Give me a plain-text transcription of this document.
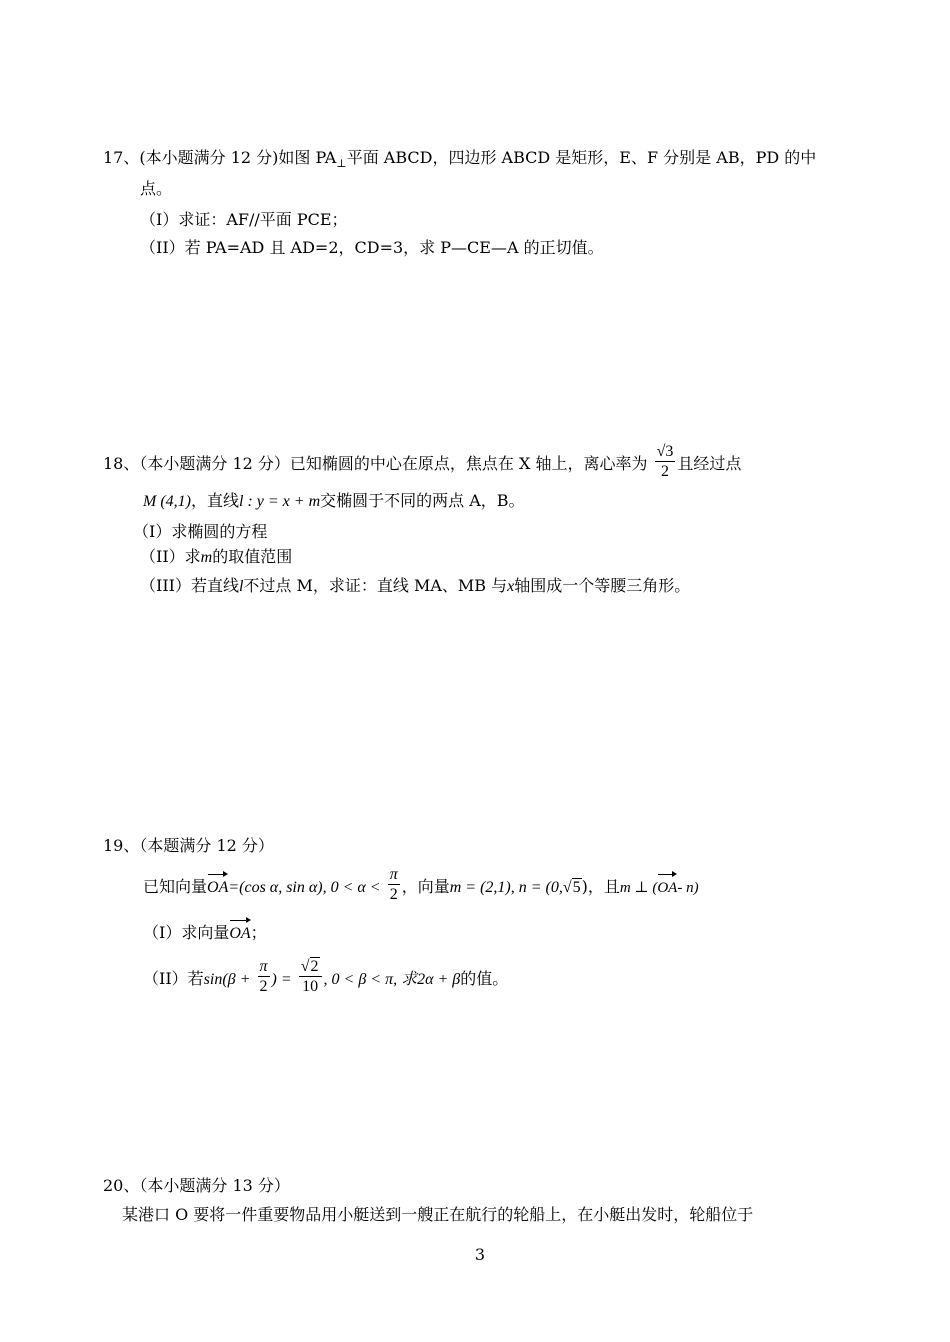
17、(本小题满分 12 分)如图 $PA_\perp$平面 ABCD，四边形 ABCD 是矩形，E、F 分别是 AB，PD 的中
点。
（I）求证：AF//平面 PCE；
（II）若 PA=AD 且 AD=2，CD=3，求 P—CE—A 的正切值。
18、（本小题满分 12 分）已知椭圆的中心在原点，焦点在 X 轴上，离心率为 $\frac{√3}{2}$ 且经过点
M (4,1)，直线l : y = x + m交椭圆于不同的两点 A，B。
（I）求椭圆的方程
（II）求m的取值范围
（III）若直线l不过点 M，求证：直线 MA、MB 与x轴围成一个等腰三角形。
19、（本题满分 12 分）
已知向量OA=(cos α, sin α), $0 < \alpha < \frac{\pi}{2}$ ，向量m = (2,1), n = (0,√5)，且m ⊥ (OA- n)
（I）求向量OA；
（II）若$\sin(\beta + \frac{\pi}{2}$ ) = $\frac{√2}{10}$ , 0 < β < π, 求2α + β的值。
20、（本小题满分 13 分）
某港口 O 要将一件重要物品用小艇送到一艘正在航行的轮船上，在小艇出发时，轮船位于
3
